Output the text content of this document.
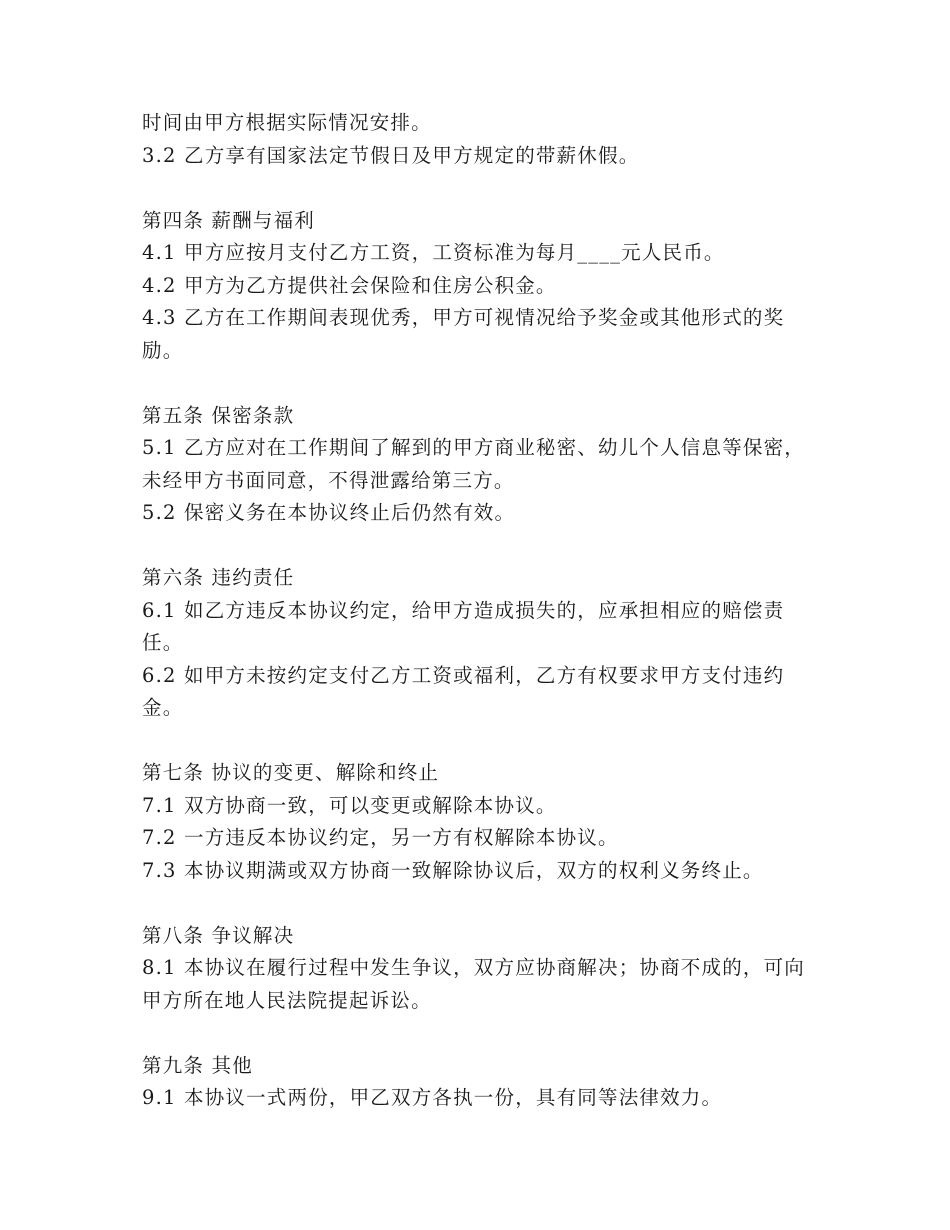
时间由甲方根据实际情况安排。

3.2 乙方享有国家法定节假日及甲方规定的带薪休假。

第四条 薪酬与福利

4.1 甲方应按月支付乙方工资，工资标准为每月____元人民币。

4.2 甲方为乙方提供社会保险和住房公积金。

4.3 乙方在工作期间表现优秀，甲方可视情况给予奖金或其他形式的奖励。

第五条 保密条款

5.1 乙方应对在工作期间了解到的甲方商业秘密、幼儿个人信息等保密，未经甲方书面同意，不得泄露给第三方。

5.2 保密义务在本协议终止后仍然有效。

第六条 违约责任

6.1 如乙方违反本协议约定，给甲方造成损失的，应承担相应的赔偿责任。

6.2 如甲方未按约定支付乙方工资或福利，乙方有权要求甲方支付违约金。

第七条 协议的变更、解除和终止

7.1 双方协商一致，可以变更或解除本协议。

7.2 一方违反本协议约定，另一方有权解除本协议。

7.3 本协议期满或双方协商一致解除协议后，双方的权利义务终止。

第八条 争议解决

8.1 本协议在履行过程中发生争议，双方应协商解决；协商不成的，可向甲方所在地人民法院提起诉讼。

第九条 其他

9.1 本协议一式两份，甲乙双方各执一份，具有同等法律效力。
